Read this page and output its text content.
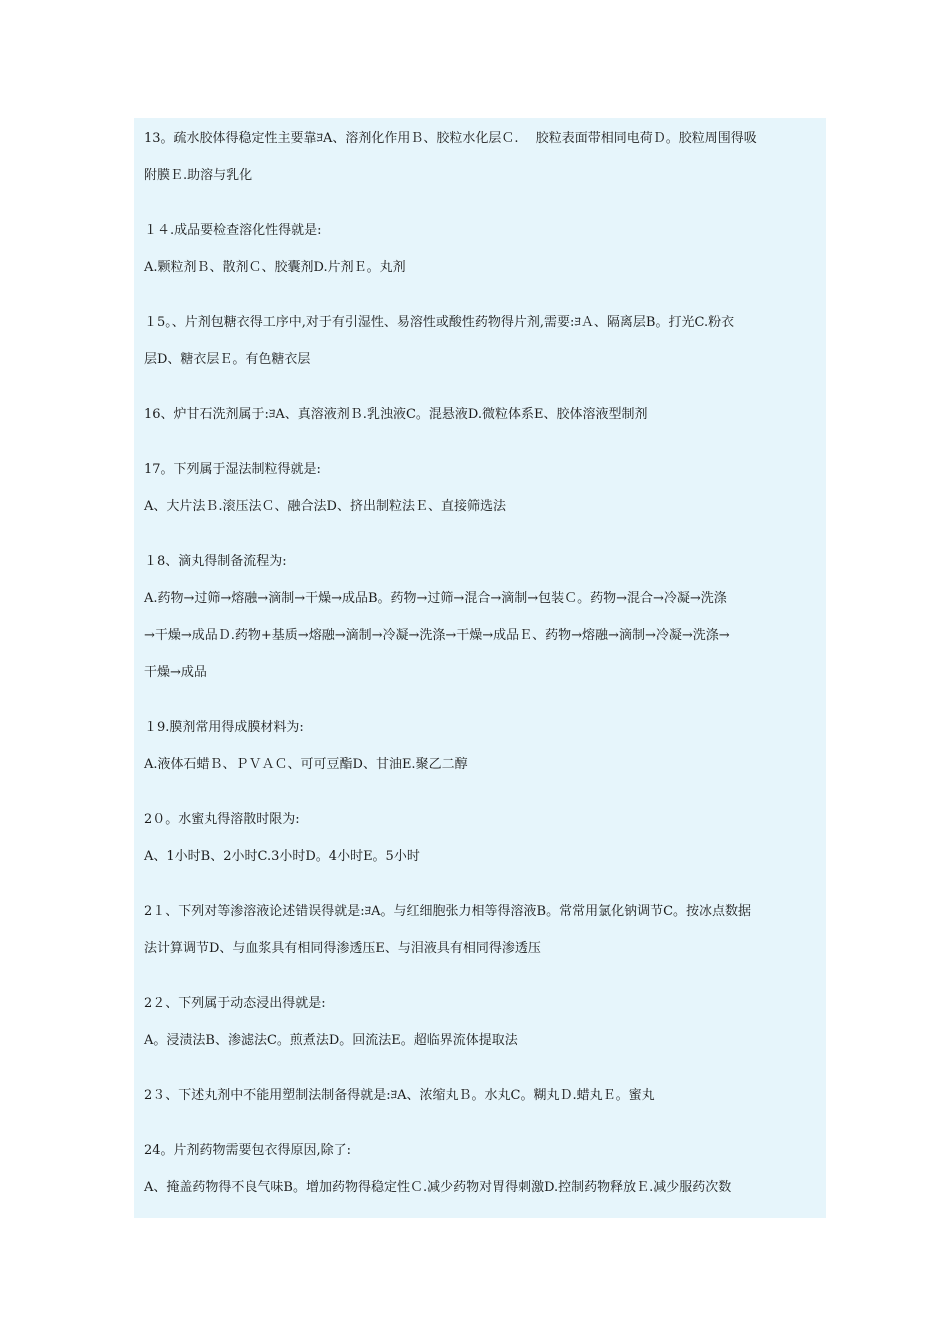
13。疏水胶体得稳定性主要靠ﾖA、溶剂化作用Ｂ、胶粒水化层Ｃ.　 胶粒表面带相同电荷Ｄ。胶粒周围得吸

附膜Ｅ.助溶与乳化

１４.成品要检查溶化性得就是:

A.颗粒剂Ｂ、散剂Ｃ、胶囊剂D.片剂Ｅ。丸剂

１5。、片剂包糖衣得工序中,对于有引湿性、易溶性或酸性药物得片剂,需要:ﾖＡ、隔离层B。打光C.粉衣

层D、糖衣层Ｅ。有色糖衣层

16、炉甘石洗剂属于:ﾖA、真溶液剂Ｂ.乳浊液C。混悬液D.微粒体系E、胶体溶液型制剂

17。下列属于湿法制粒得就是:

A、大片法Ｂ.滚压法Ｃ、融合法D、挤出制粒法Ｅ、直接筛选法

１8、滴丸得制备流程为:

A.药物→过筛→熔融→滴制→干燥→成品B。药物→过筛→混合→滴制→包装Ｃ。药物→混合→冷凝→洗涤

→干燥→成品Ｄ.药物+基质→熔融→滴制→冷凝→洗涤→干燥→成品Ｅ、药物→熔融→滴制→冷凝→洗涤→

干燥→成品

１9.膜剂常用得成膜材料为:

A.液体石蜡Ｂ、ＰＶＡＣ、可可豆酯D、甘油E.聚乙二醇

2０。水蜜丸得溶散时限为:

A、1小时B、2小时C.3小时D。4小时E。5小时

2１、下列对等渗溶液论述错误得就是:ﾖA。与红细胞张力相等得溶液B。常常用氯化钠调节C。按冰点数据

法计算调节D、与血浆具有相同得渗透压E、与泪液具有相同得渗透压

2２、下列属于动态浸出得就是:

A。浸渍法B、渗滤法C。煎煮法D。回流法E。超临界流体提取法

2３、下述丸剂中不能用塑制法制备得就是:ﾖA、浓缩丸Ｂ。水丸C。糊丸Ｄ.蜡丸Ｅ。蜜丸

24。片剂药物需要包衣得原因,除了:

A、掩盖药物得不良气味B。增加药物得稳定性Ｃ.减少药物对胃得刺激D.控制药物释放Ｅ.减少服药次数
